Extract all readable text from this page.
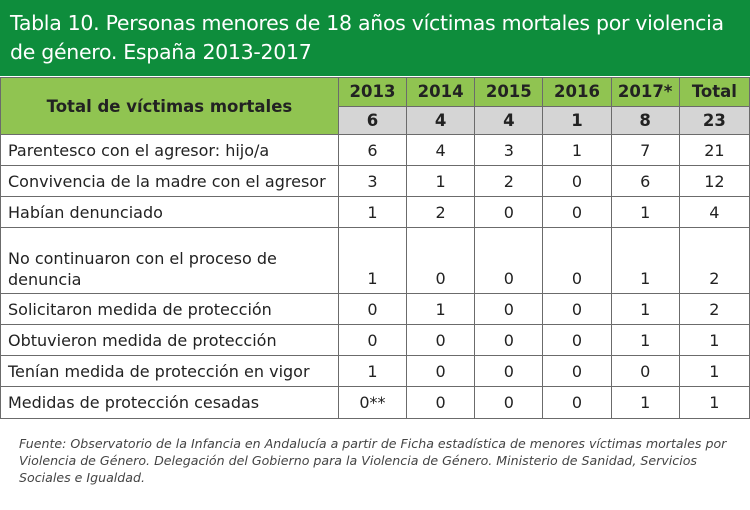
Tabla 10. Personas menores de 18 años víctimas mortales por violencia de género. España 2013-2017
Total de víctimas mortales	2013	2014	2015	2016	2017*	Total
	6	4	4	1	8	23
Parentesco con el agresor: hijo/a	6	4	3	1	7	21
Convivencia de la madre con el agresor	3	1	2	0	6	12
Habían denunciado	1	2	0	0	1	4
No continuaron con el proceso de denuncia	1	0	0	0	1	2
Solicitaron medida de protección	0	1	0	0	1	2
Obtuvieron medida de protección	0	0	0	0	1	1
Tenían medida de protección en vigor	1	0	0	0	0	1
Medidas de protección cesadas	0**	0	0	0	1	1
Fuente: Observatorio de la Infancia en Andalucía a partir de Ficha estadística de menores víctimas mortales por Violencia de Género. Delegación del Gobierno para la Violencia de Género. Ministerio de Sanidad, Servicios Sociales e Igualdad.
